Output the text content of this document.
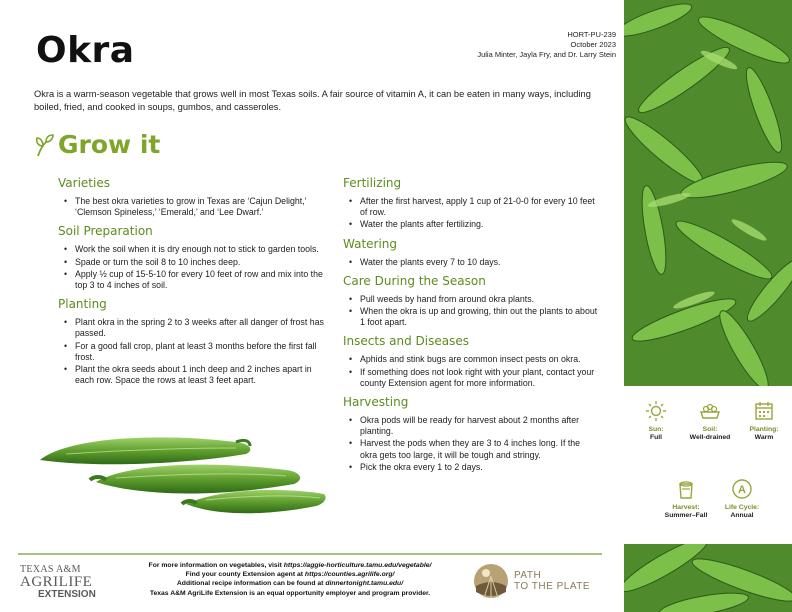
Okra	HORT-PU-239
October 2023
Julia Minter, Jayla Fry, and Dr. Larry Stein

Okra is a warm-season vegetable that grows well in most Texas soils. A fair source of vitamin A, it can be eaten in many ways, including boiled, fried, and cooked in soups, gumbos, and casseroles.

Grow it
Varieties
• The best okra varieties to grow in Texas are ‘Cajun Delight,’ ‘Clemson Spineless,’ ‘Emerald,’ and ‘Lee Dwarf.’
Soil Preparation
• Work the soil when it is dry enough not to stick to garden tools.
• Spade or turn the soil 8 to 10 inches deep.
• Apply ½ cup of 15-5-10 for every 10 feet of row and mix into the top 3 to 4 inches of soil.
Planting
• Plant okra in the spring 2 to 3 weeks after all danger of frost has passed.
• For a good fall crop, plant at least 3 months before the first fall frost.
• Plant the okra seeds about 1 inch deep and 2 inches apart in each row. Space the rows at least 3 feet apart.
Fertilizing
• After the first harvest, apply 1 cup of 21-0-0 for every 10 feet of row.
• Water the plants after fertilizing.
Watering
• Water the plants every 7 to 10 days.
Care During the Season
• Pull weeds by hand from around okra plants.
• When the okra is up and growing, thin out the plants to about 1 foot apart.
Insects and Diseases
• Aphids and stink bugs are common insect pests on okra.
• If something does not look right with your plant, contact your county Extension agent for more information.
Harvesting
• Okra pods will be ready for harvest about 2 months after planting.
• Harvest the pods when they are 3 to 4 inches long. If the okra gets too large, it will be tough and stringy.
• Pick the okra every 1 to 2 days.
Sun:
Full
Soil:
Well-drained
Planting:
Warm
Harvest:
Summer–Fall
A
Life Cycle:
Annual
TEXAS A&M
AGRILIFE
EXTENSION
For more information on vegetables, visit https://aggie-horticulture.tamu.edu/vegetable/
Find your county Extension agent at https://counties.agrilife.org/
Additional recipe information can be found at dinnertonight.tamu.edu/
Texas A&M AgriLife Extension is an equal opportunity employer and program provider.
PATH
TO THE PLATE
